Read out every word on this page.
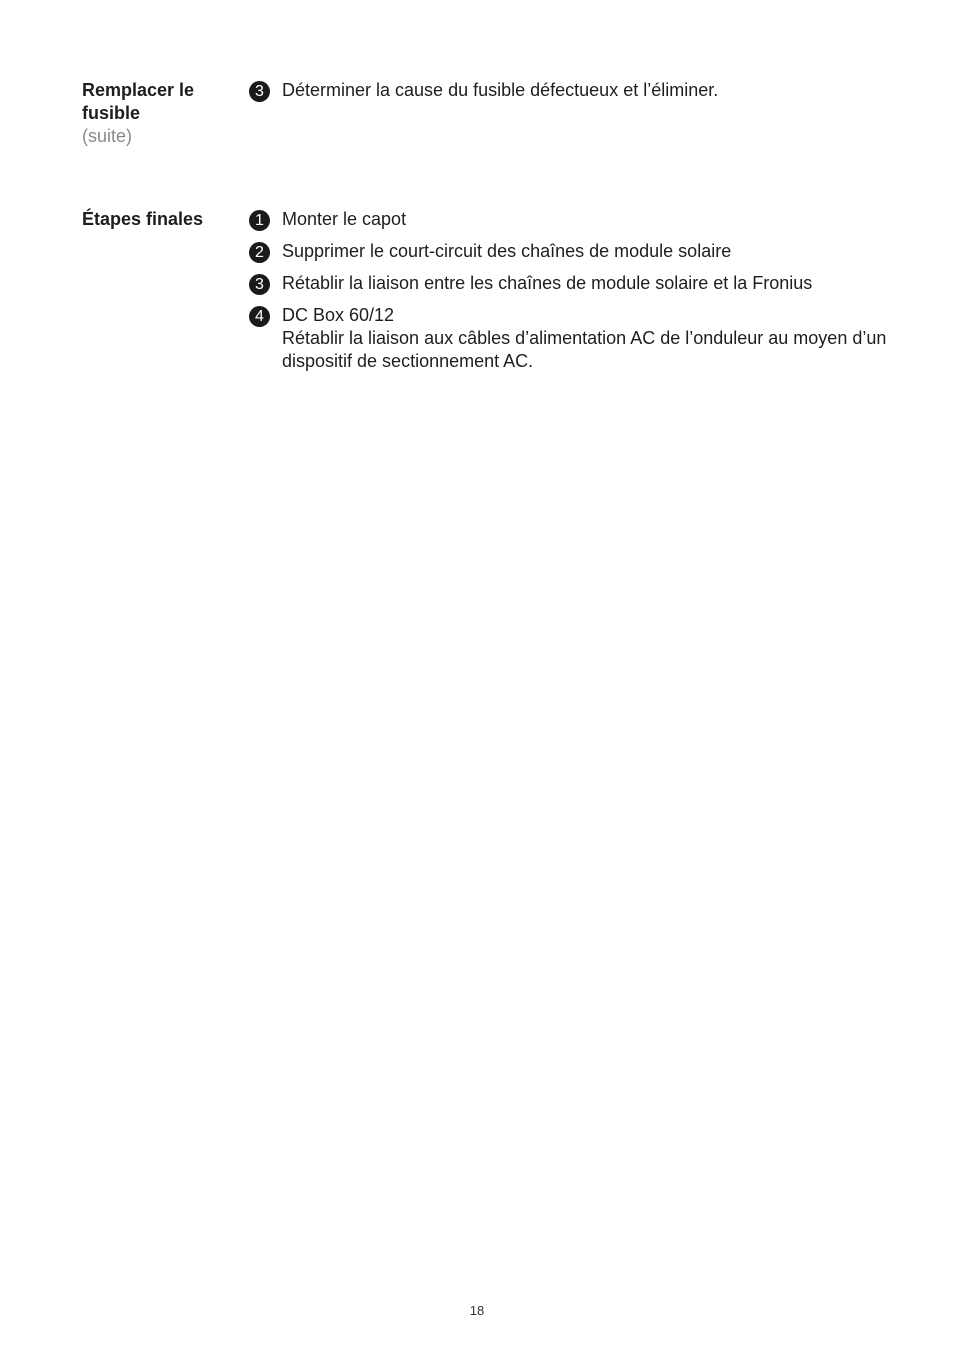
Remplacer le fusible
(suite)
3	Déterminer la cause du fusible défectueux et l’éliminer.
Étapes finales	1	Monter le capot
2	Supprimer le court-circuit des chaînes de module solaire
3	Rétablir la liaison entre les chaînes de module solaire et la Fronius
4	DC Box 60/12
Rétablir la liaison aux câbles d’alimentation AC de l’onduleur au moyen d’un dispositif de sectionnement AC.
18
